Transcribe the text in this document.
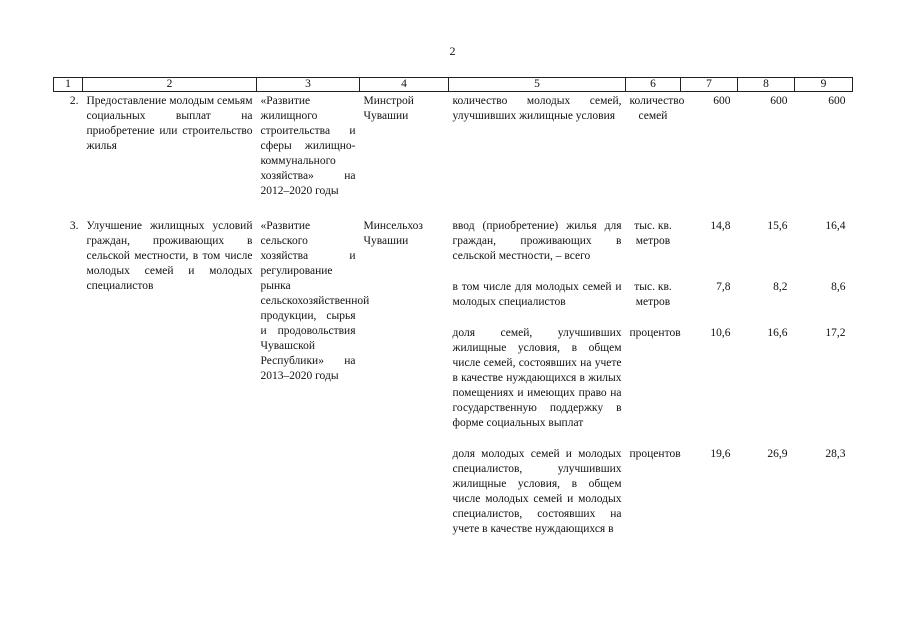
2
1	2	3	4	5	6	7	8	9
2.	Предоставление молодым семьям социальных выплат на приобретение или строительство жилья	«Развитие жилищного строительства и сферы жилищно-коммунального хозяйства» на 2012–2020 годы	Минстрой Чувашии	количество молодых семей, улучшивших жилищные условия	количество семей	600	600	600
3.	Улучшение жилищных условий граждан, проживающих в сельской местности, в том числе молодых семей и молодых специалистов	«Развитие сельского хозяйства и регулирование рынка сельскохозяйственной продукции, сырья и продовольствия Чувашской Республики» на 2013–2020 годы	Минсельхоз Чувашии	ввод (приобретение) жилья для граждан, проживающих в сельской местности, – всего	тыс. кв. метров	14,8	15,6	16,4
				в том числе для молодых семей и молодых специалистов	тыс. кв. метров	7,8	8,2	8,6
				доля семей, улучшивших жилищные условия, в общем числе семей, состоявших на учете в качестве нуждающихся в жилых помещениях и имеющих право на государственную поддержку в форме социальных выплат	процентов	10,6	16,6	17,2
				доля молодых семей и молодых специалистов, улучшивших жилищные условия, в общем числе молодых семей и молодых специалистов, состоявших на учете в качестве нуждающихся в	процентов	19,6	26,9	28,3
